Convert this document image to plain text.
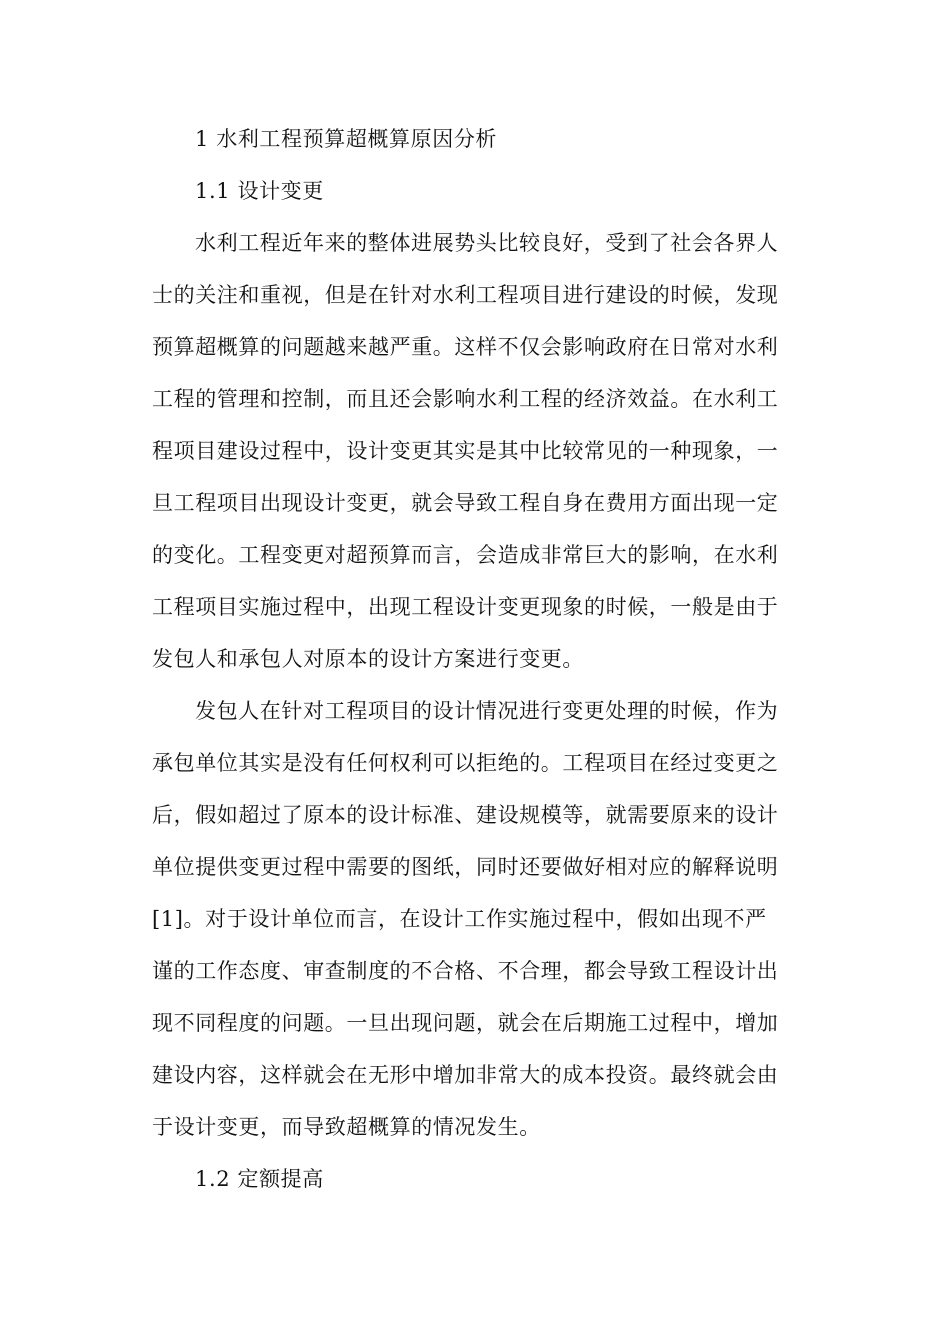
1 水利工程预算超概算原因分析
1.1 设计变更
水利工程近年来的整体进展势头比较良好，受到了社会各界人
士的关注和重视，但是在针对水利工程项目进行建设的时候，发现
预算超概算的问题越来越严重。这样不仅会影响政府在日常对水利
工程的管理和控制，而且还会影响水利工程的经济效益。在水利工
程项目建设过程中，设计变更其实是其中比较常见的一种现象，一
旦工程项目出现设计变更，就会导致工程自身在费用方面出现一定
的变化。工程变更对超预算而言，会造成非常巨大的影响，在水利
工程项目实施过程中，出现工程设计变更现象的时候，一般是由于
发包人和承包人对原本的设计方案进行变更。
发包人在针对工程项目的设计情况进行变更处理的时候，作为
承包单位其实是没有任何权利可以拒绝的。工程项目在经过变更之
后，假如超过了原本的设计标准、建设规模等，就需要原来的设计
单位提供变更过程中需要的图纸，同时还要做好相对应的解释说明
[1]。对于设计单位而言，在设计工作实施过程中，假如出现不严
谨的工作态度、审查制度的不合格、不合理，都会导致工程设计出
现不同程度的问题。一旦出现问题，就会在后期施工过程中，增加
建设内容，这样就会在无形中增加非常大的成本投资。最终就会由
于设计变更，而导致超概算的情况发生。
1.2 定额提高
